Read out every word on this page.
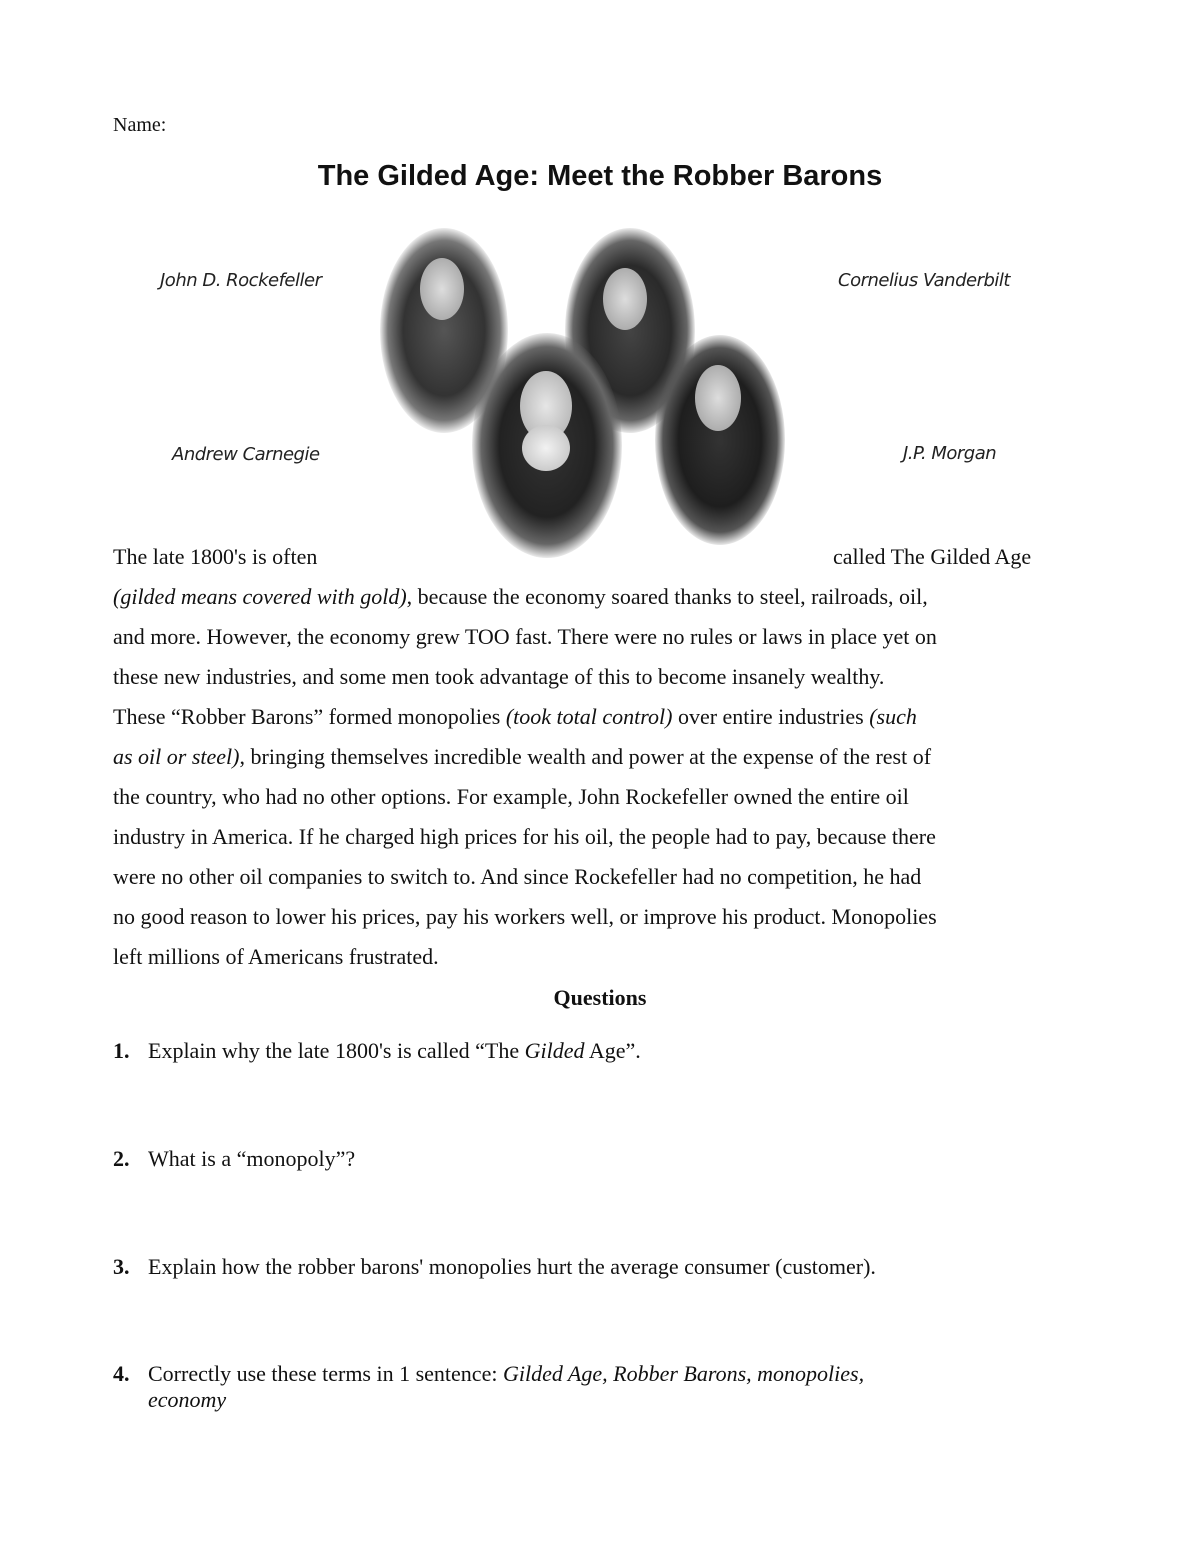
Name:
The Gilded Age: Meet the Robber Barons
John D. Rockefeller	Cornelius Vanderbilt
Andrew Carnegie	J.P. Morgan
The late 1800's is often	called The Gilded Age
(gilded means covered with gold), because the economy soared thanks to steel, railroads, oil,
and more. However, the economy grew TOO fast. There were no rules or laws in place yet on
these new industries, and some men took advantage of this to become insanely wealthy.
These “Robber Barons” formed monopolies (took total control) over entire industries (such
as oil or steel), bringing themselves incredible wealth and power at the expense of the rest of
the country, who had no other options. For example, John Rockefeller owned the entire oil
industry in America. If he charged high prices for his oil, the people had to pay, because there
were no other oil companies to switch to. And since Rockefeller had no competition, he had
no good reason to lower his prices, pay his workers well, or improve his product. Monopolies
left millions of Americans frustrated.
Questions
1. Explain why the late 1800's is called “The Gilded Age”.
2. What is a “monopoly”?
3. Explain how the robber barons' monopolies hurt the average consumer (customer).
4. Correctly use these terms in 1 sentence: Gilded Age, Robber Barons, monopolies,
economy
